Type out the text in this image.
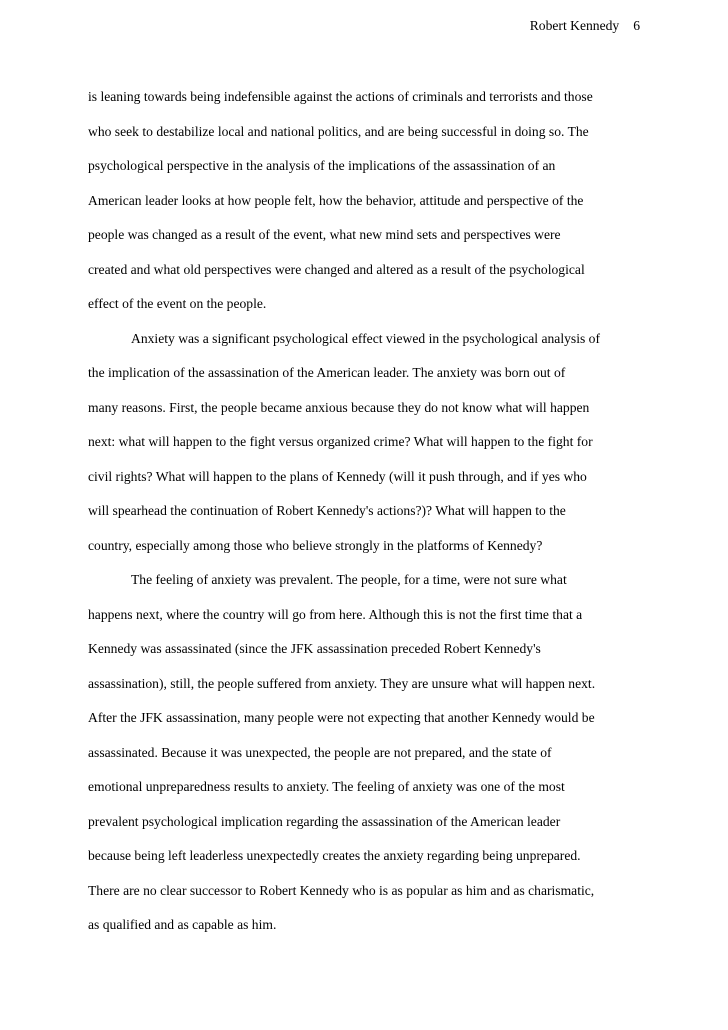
Robert Kennedy 6
is leaning towards being indefensible against the actions of criminals and terrorists and those
who seek to destabilize local and national politics, and are being successful in doing so. The
psychological perspective in the analysis of the implications of the assassination of an
American leader looks at how people felt, how the behavior, attitude and perspective of the
people was changed as a result of the event, what new mind sets and perspectives were
created and what old perspectives were changed and altered as a result of the psychological
effect of the event on the people.
Anxiety was a significant psychological effect viewed in the psychological analysis of
the implication of the assassination of the American leader. The anxiety was born out of
many reasons. First, the people became anxious because they do not know what will happen
next: what will happen to the fight versus organized crime? What will happen to the fight for
civil rights? What will happen to the plans of Kennedy (will it push through, and if yes who
will spearhead the continuation of Robert Kennedy's actions?)? What will happen to the
country, especially among those who believe strongly in the platforms of Kennedy?
The feeling of anxiety was prevalent. The people, for a time, were not sure what
happens next, where the country will go from here. Although this is not the first time that a
Kennedy was assassinated (since the JFK assassination preceded Robert Kennedy's
assassination), still, the people suffered from anxiety. They are unsure what will happen next.
After the JFK assassination, many people were not expecting that another Kennedy would be
assassinated. Because it was unexpected, the people are not prepared, and the state of
emotional unpreparedness results to anxiety. The feeling of anxiety was one of the most
prevalent psychological implication regarding the assassination of the American leader
because being left leaderless unexpectedly creates the anxiety regarding being unprepared.
There are no clear successor to Robert Kennedy who is as popular as him and as charismatic,
as qualified and as capable as him.
